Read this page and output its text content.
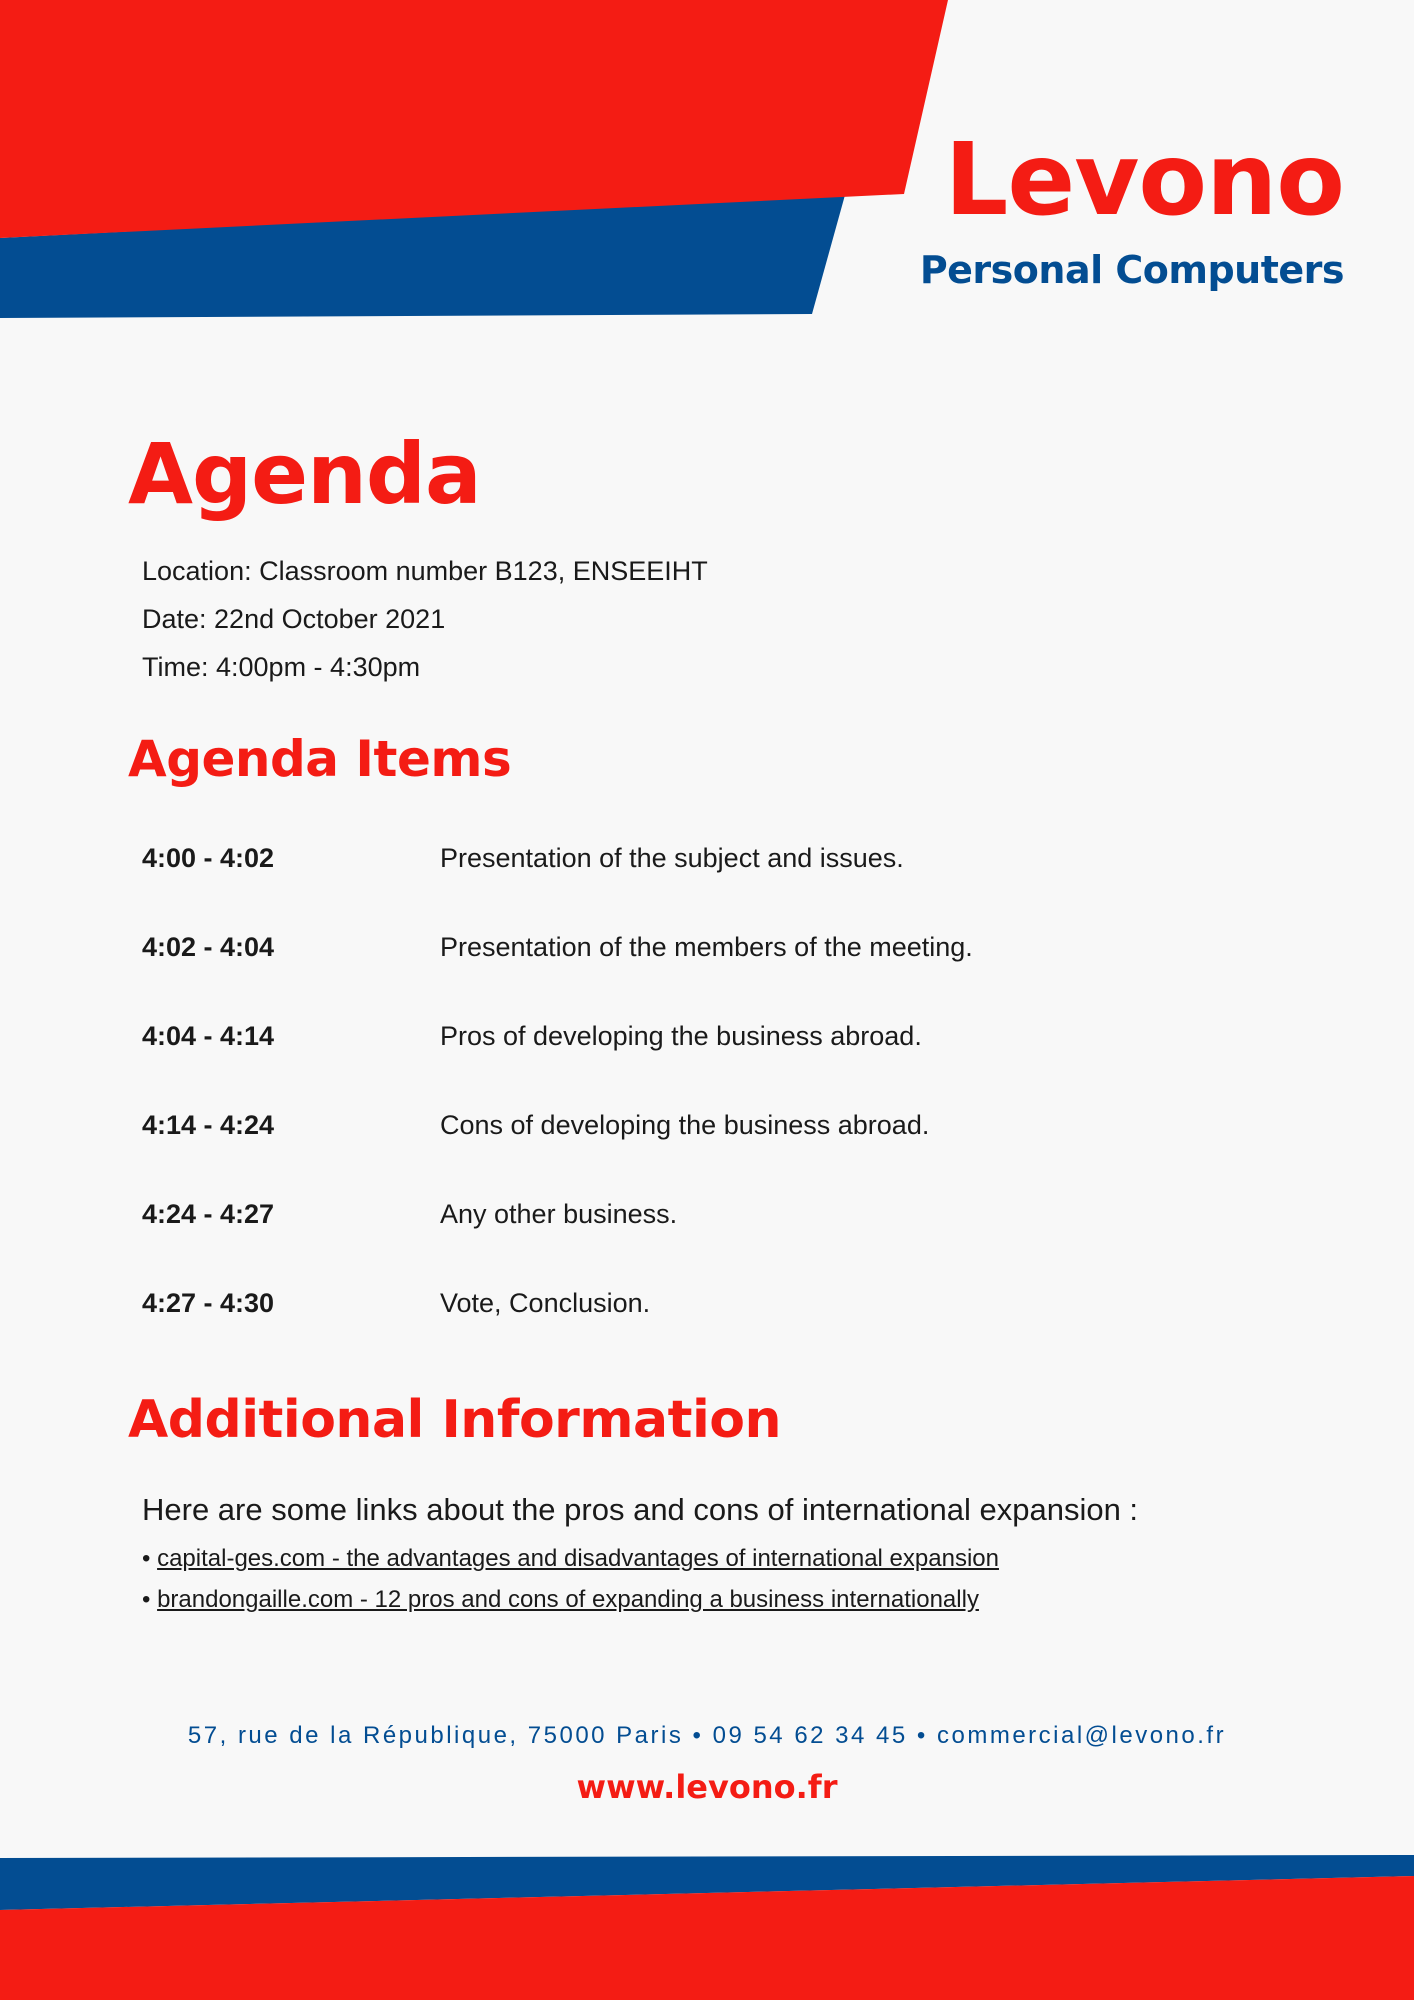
Levono
Personal Computers
Agenda
Location: Classroom number B123, ENSEEIHT
Date: 22nd October 2021
Time: 4:00pm - 4:30pm
Agenda Items
4:00 - 4:02	Presentation of the subject and issues.
4:02 - 4:04	Presentation of the members of the meeting.
4:04 - 4:14	Pros of developing the business abroad.
4:14 - 4:24	Cons of developing the business abroad.
4:24 - 4:27	Any other business.
4:27 - 4:30	Vote, Conclusion.
Additional Information
Here are some links about the pros and cons of international expansion :
• capital-ges.com - the advantages and disadvantages of international expansion
• brandongaille.com - 12 pros and cons of expanding a business internationally
57, rue de la République, 75000 Paris • 09 54 62 34 45 • commercial@levono.fr
www.levono.fr
